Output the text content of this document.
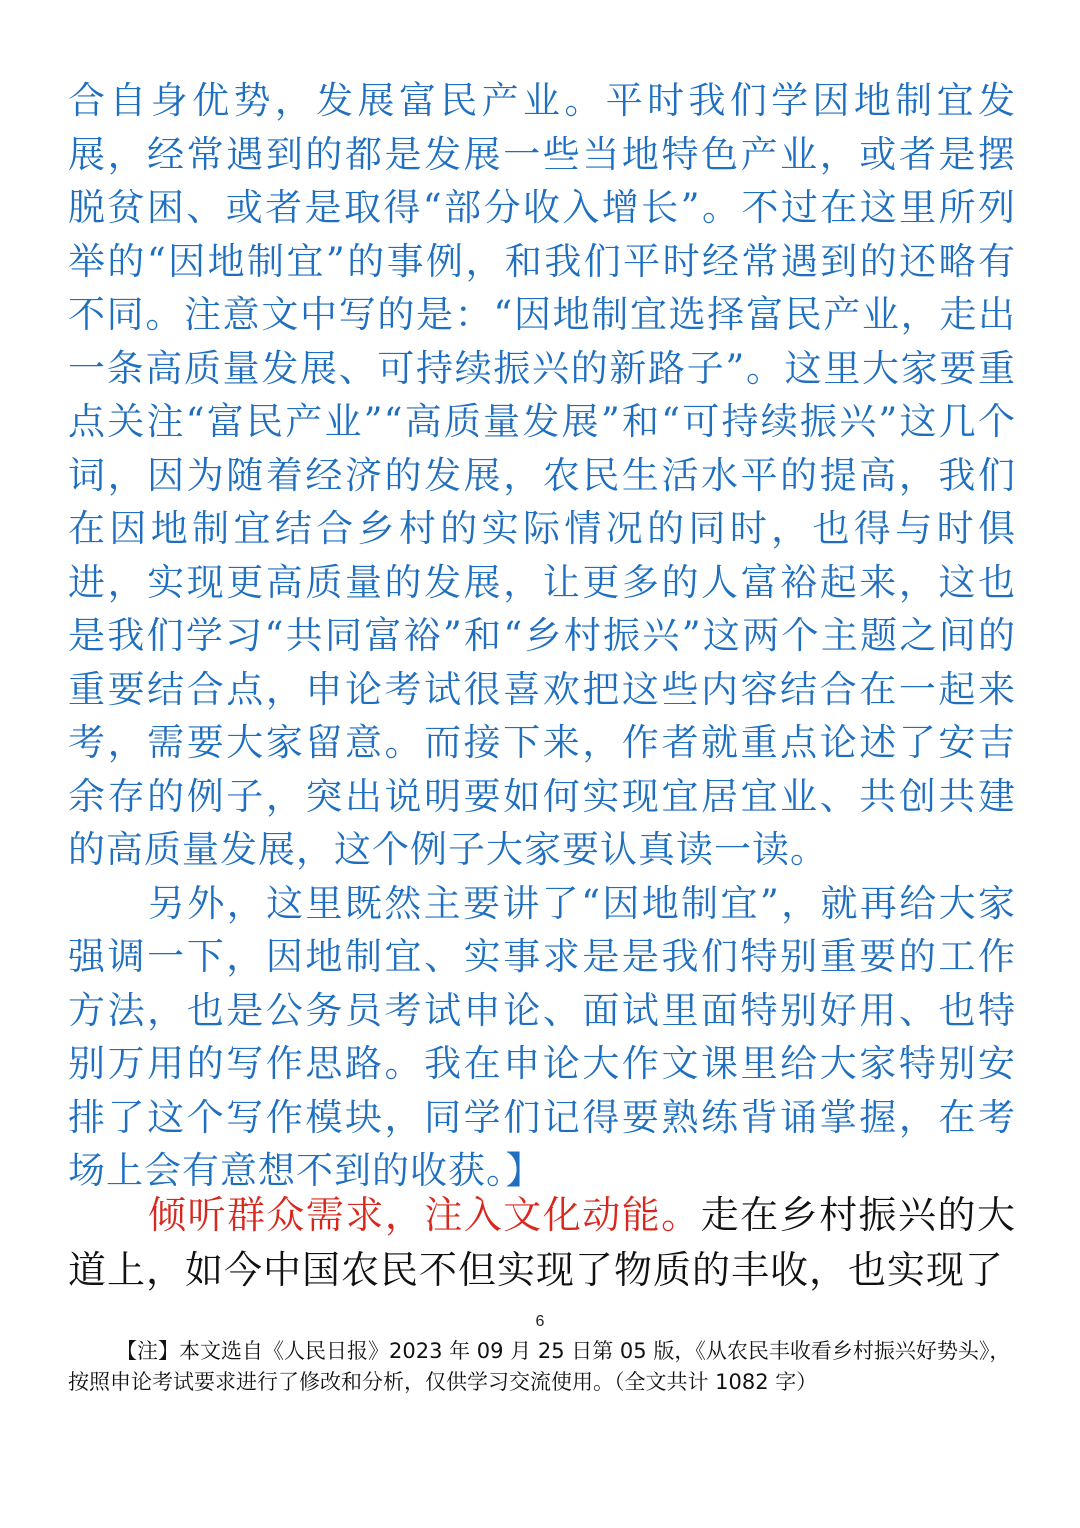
合自身优势，发展富民产业。平时我们学因地制宜发展，经常遇到的都是发展一些当地特色产业，或者是摆脱贫困、或者是取得“部分收入增长”。不过在这里所列举的“因地制宜”的事例，和我们平时经常遇到的还略有不同。注意文中写的是：“因地制宜选择富民产业，走出一条高质量发展、可持续振兴的新路子”。这里大家要重点关注“富民产业”“高质量发展”和“可持续振兴”这几个词，因为随着经济的发展，农民生活水平的提高，我们在因地制宜结合乡村的实际情况的同时，也得与时俱进，实现更高质量的发展，让更多的人富裕起来，这也是我们学习“共同富裕”和“乡村振兴”这两个主题之间的重要结合点，申论考试很喜欢把这些内容结合在一起来考，需要大家留意。而接下来，作者就重点论述了安吉余存的例子，突出说明要如何实现宜居宜业、共创共建的高质量发展，这个例子大家要认真读一读。

另外，这里既然主要讲了“因地制宜”，就再给大家强调一下，因地制宜、实事求是是我们特别重要的工作方法，也是公务员考试申论、面试里面特别好用、也特别万用的写作思路。我在申论大作文课里给大家特别安排了这个写作模块，同学们记得要熟练背诵掌握，在考场上会有意想不到的收获。】

倾听群众需求，注入文化动能。走在乡村振兴的大道上，如今中国农民不但实现了物质的丰收，也实现了

6

【注】本文选自《人民日报》2023 年 09 月 25 日第 05 版，《从农民丰收看乡村振兴好势头》，按照申论考试要求进行了修改和分析，仅供学习交流使用。（全文共计 1082 字）
